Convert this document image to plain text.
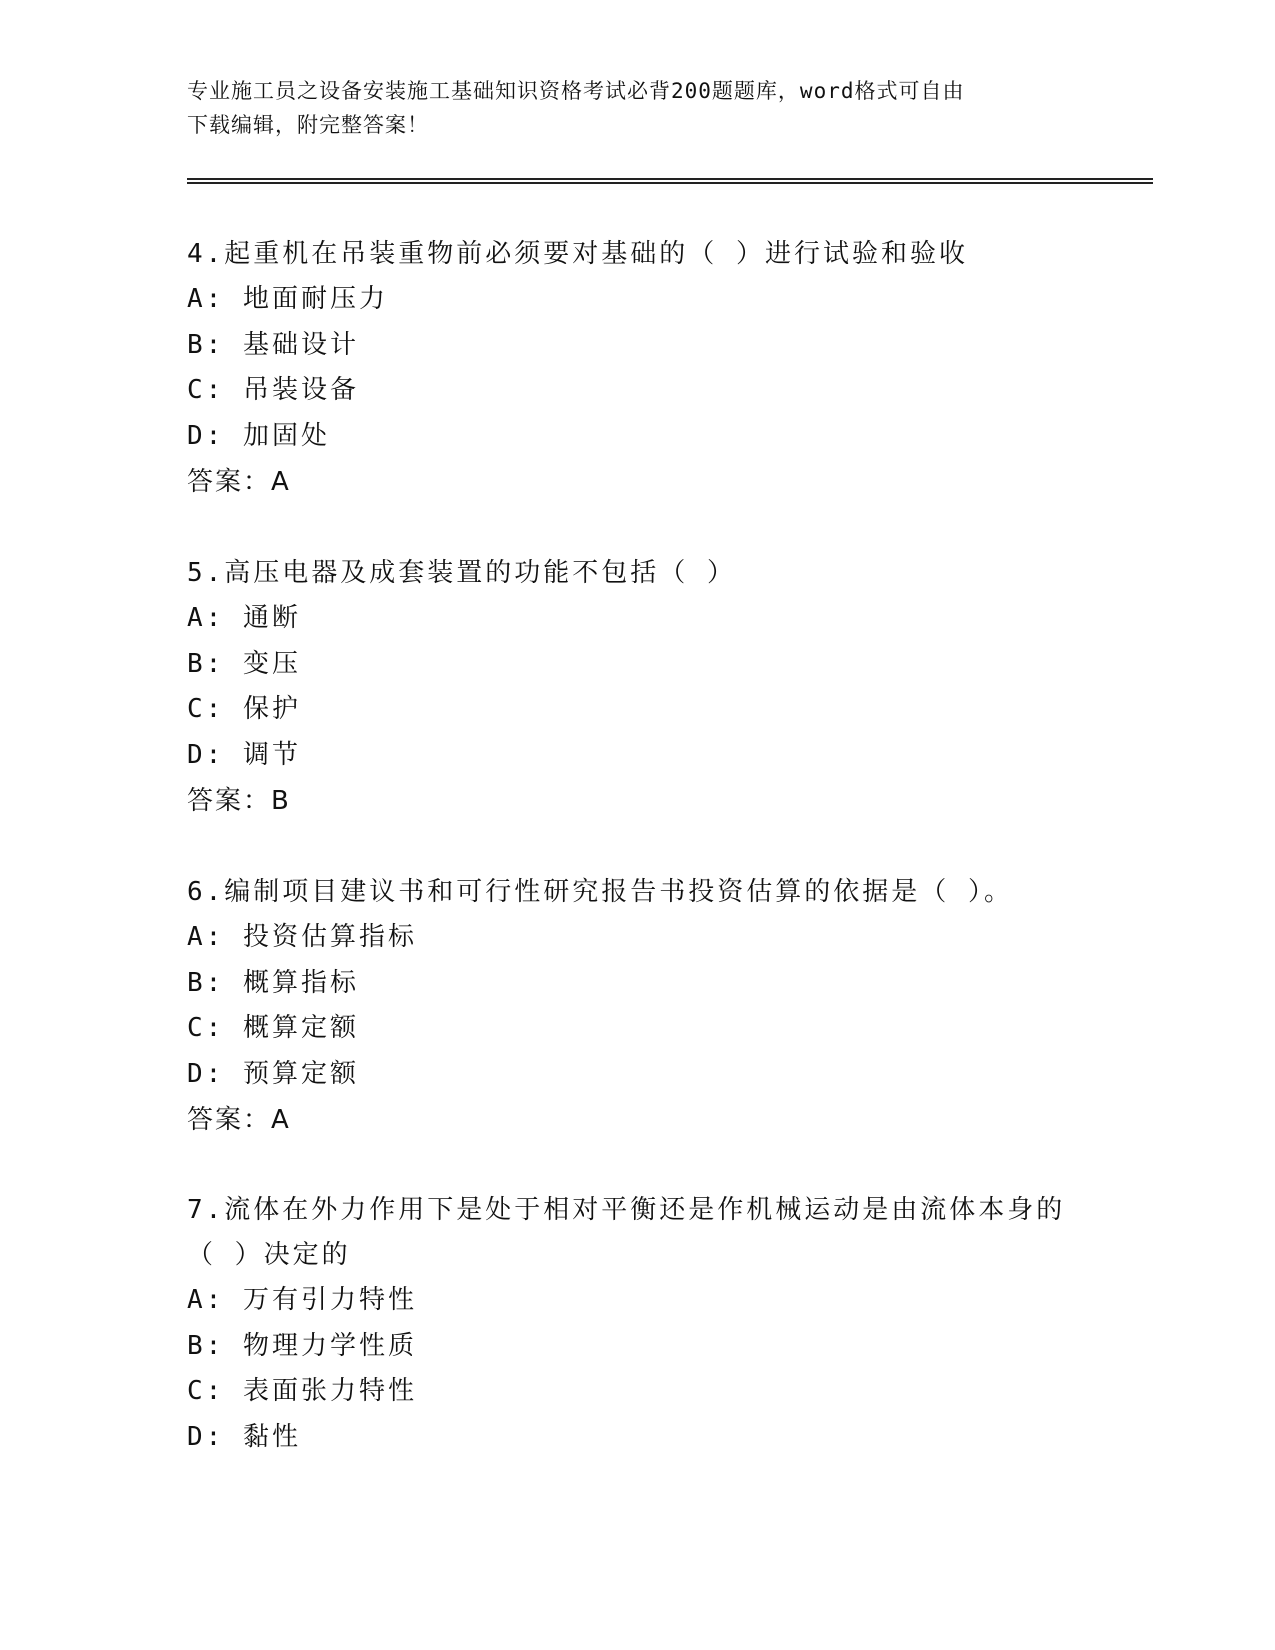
专业施工员之设备安装施工基础知识资格考试必背200题题库，word格式可自由
下载编辑，附完整答案！
4.起重机在吊装重物前必须要对基础的（ ）进行试验和验收
A: 地面耐压力
B: 基础设计
C: 吊装设备
D: 加固处
答案：A
5.高压电器及成套装置的功能不包括（ ）
A: 通断
B: 变压
C: 保护
D: 调节
答案：B
6.编制项目建议书和可行性研究报告书投资估算的依据是（ ）。
A: 投资估算指标
B: 概算指标
C: 概算定额
D: 预算定额
答案：A
7.流体在外力作用下是处于相对平衡还是作机械运动是由流体本身的
（ ）决定的
A: 万有引力特性
B: 物理力学性质
C: 表面张力特性
D: 黏性
